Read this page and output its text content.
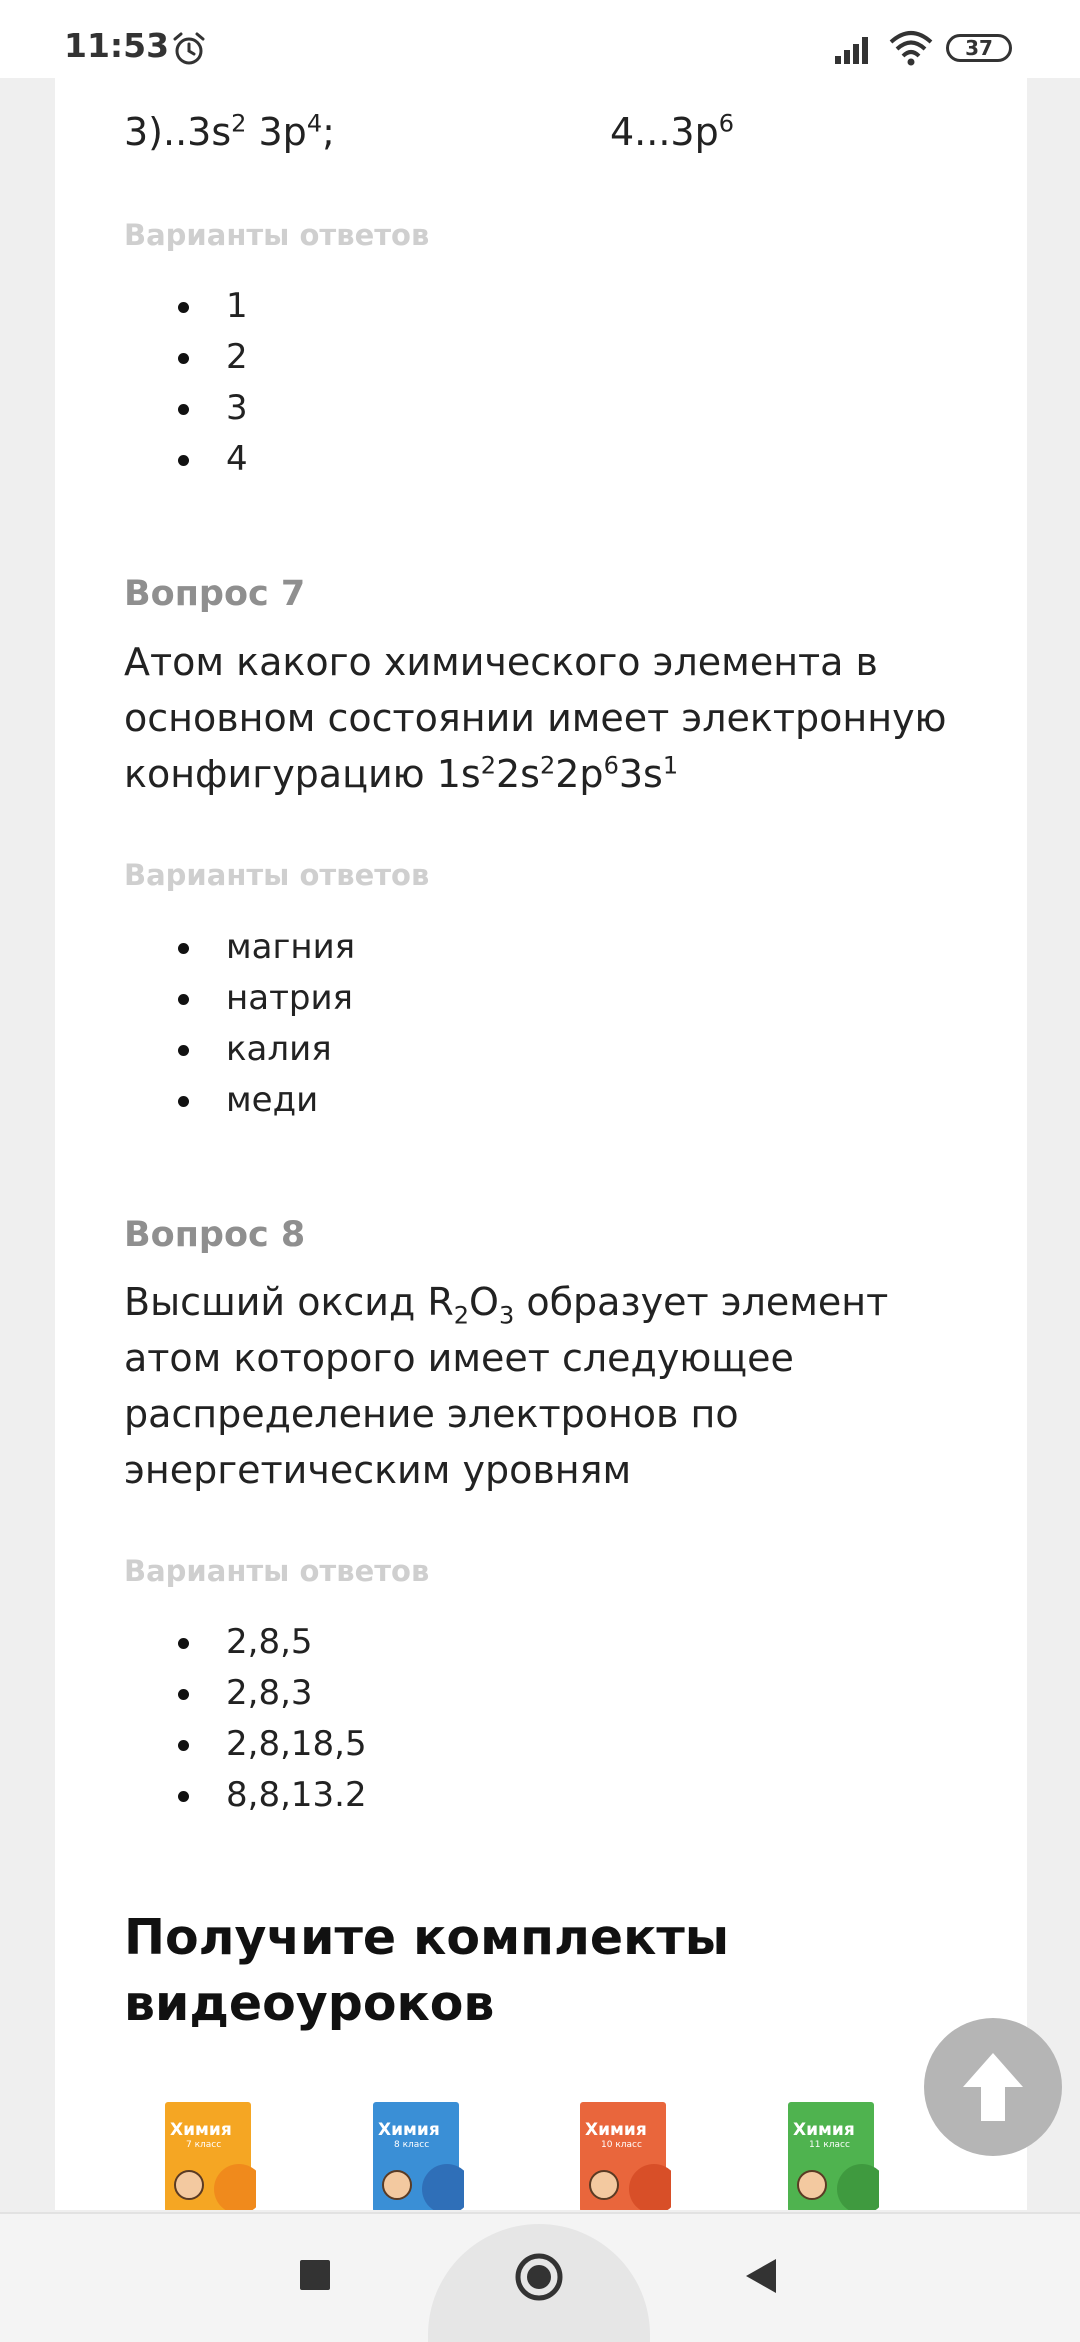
11:53	37
$3)..3s^2$ $3p^4$;	$4...3p^6$
Варианты ответов
1
2
3
4
Вопрос 7
Атом какого химического элемента в
основном состоянии имеет электронную
конфигурацию $1s^22s^22p^63s^1$
Варианты ответов
магния
натрия
калия
меди
Вопрос 8
Высший оксид $R_2O_3$ образует элемент
атом которого имеет следующее
распределение электронов по
энергетическим уровням
Варианты ответов
2,8,5
2,8,3
2,8,18,5
8,8,13.2
Получите комплекты
видеоуроков
Химия
7 класс
Химия
8 класс
Химия
10 класс
Химия
11 класс
